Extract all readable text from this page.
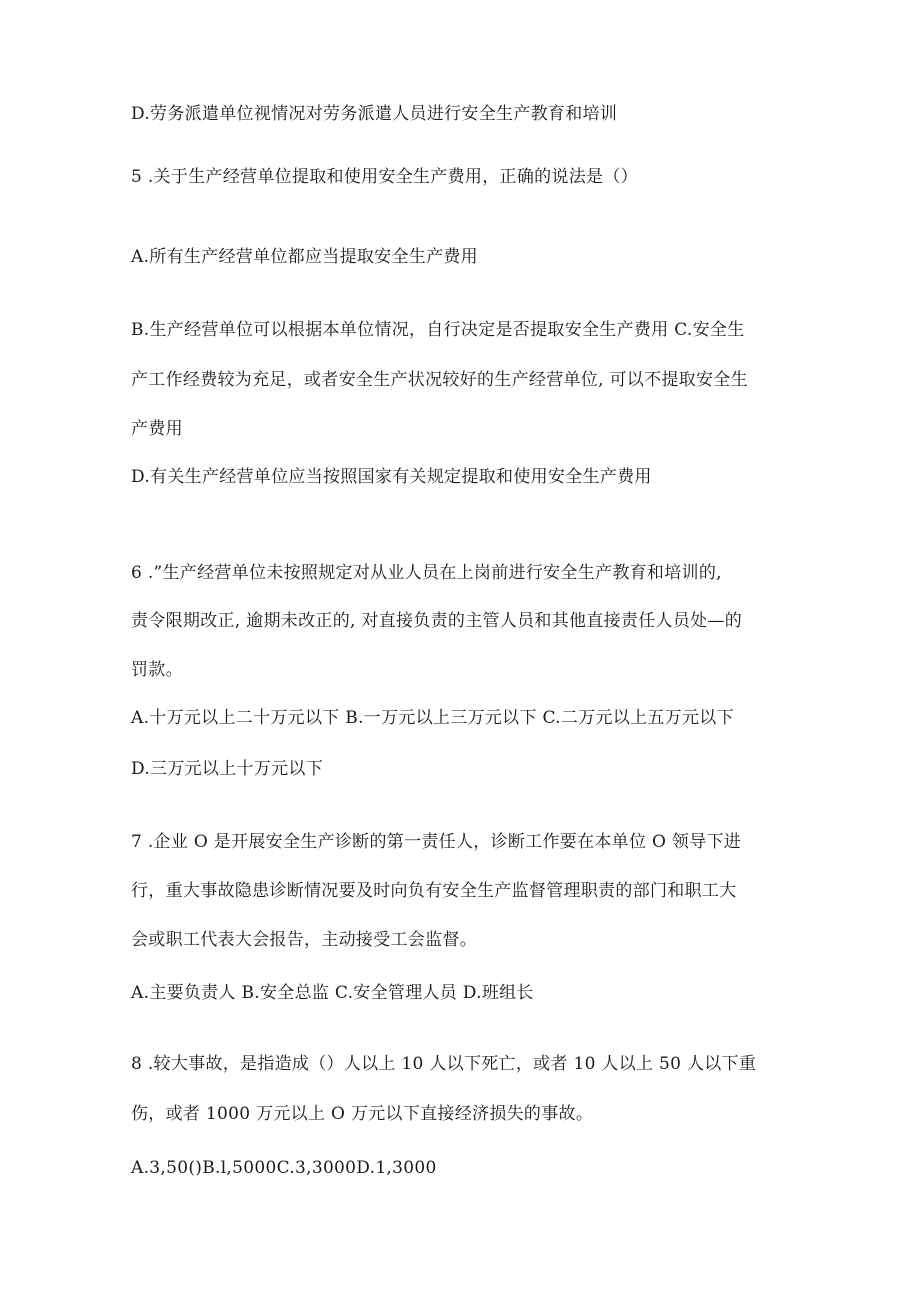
D.劳务派遣单位视情况对劳务派遣人员进行安全生产教育和培训
5 .关于生产经营单位提取和使用安全生产费用，正确的说法是（）
A.所有生产经营单位都应当提取安全生产费用
B.生产经营单位可以根据本单位情况，自行决定是否提取安全生产费用 C.安全生
产工作经费较为充足，或者安全生产状况较好的生产经营单位, 可以不提取安全生
产费用
D.有关生产经营单位应当按照国家有关规定提取和使用安全生产费用
6 .”生产经营单位未按照规定对从业人员在上岗前进行安全生产教育和培训的,
责令限期改正, 逾期未改正的, 对直接负责的主管人员和其他直接责任人员处—的
罚款。
A.十万元以上二十万元以下 B.一万元以上三万元以下 C.二万元以上五万元以下
D.三万元以上十万元以下
7 .企业 O 是开展安全生产诊断的第一责任人，诊断工作要在本单位 O 领导下进
行，重大事故隐患诊断情况要及时向负有安全生产监督管理职责的部门和职工大
会或职工代表大会报告，主动接受工会监督。
A.主要负责人 B.安全总监 C.安全管理人员 D.班组长
8 .较大事故，是指造成（）人以上 10 人以下死亡，或者 10 人以上 50 人以下重
伤，或者 1000 万元以上 O 万元以下直接经济损失的事故。
A.3,50()B.l,5000C.3,3000D.1,3000
